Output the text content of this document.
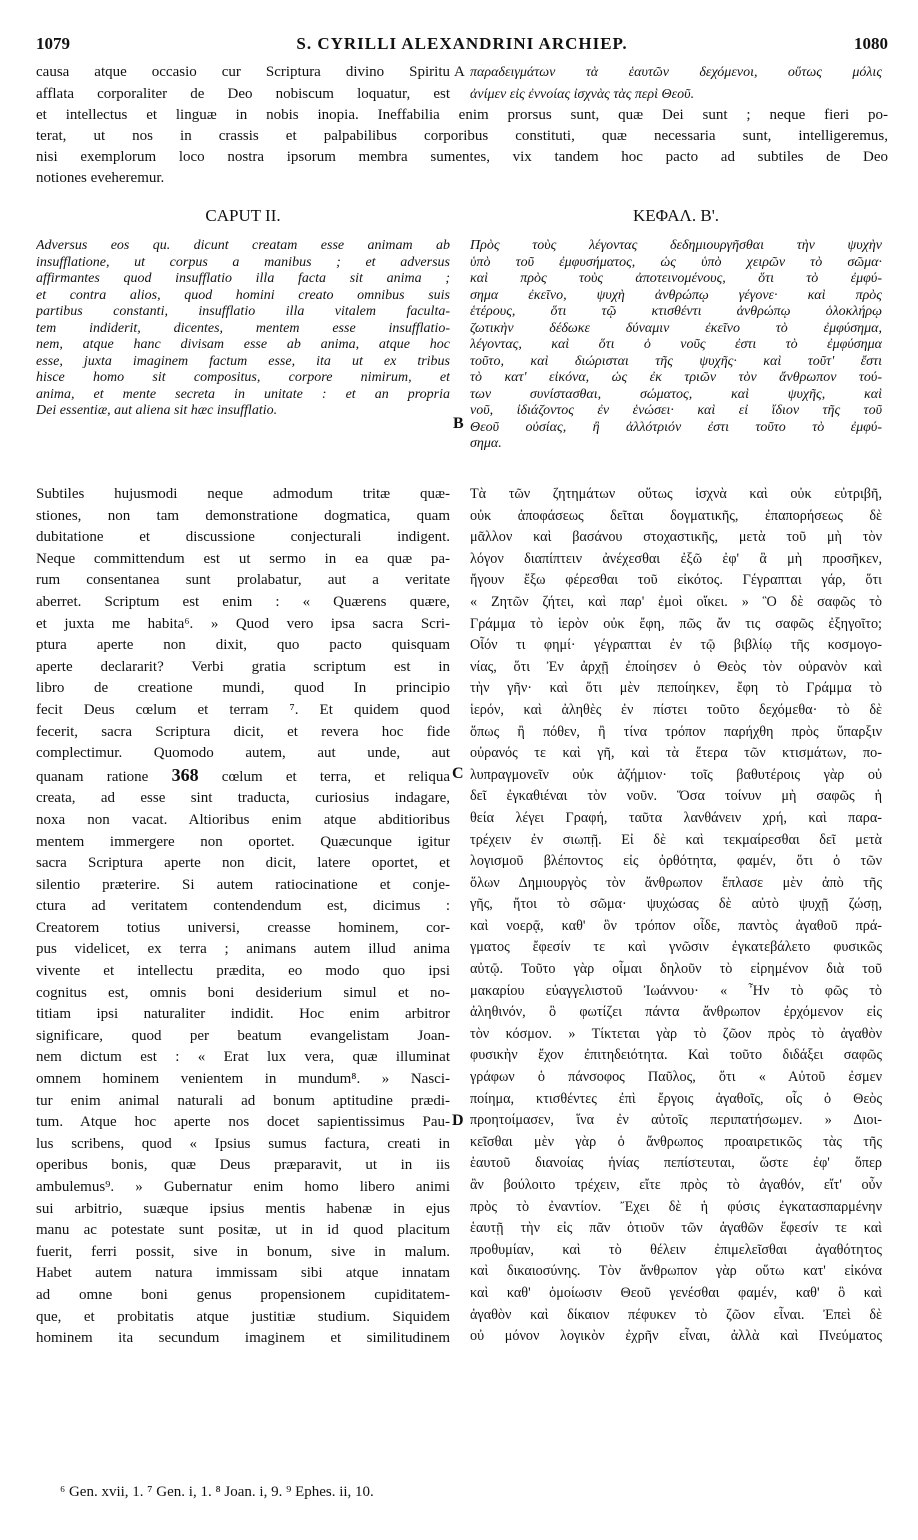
1079	S. CYRILLI ALEXANDRINI ARCHIEP.	1080
causa atque occasio cur Scriptura divino Spiritu
afflata corporaliter de Deo nobiscum loquatur, est
A παραδειγμάτων τὰ ἑαυτῶν δεχόμενοι, οὕτως μόλις
ἀνίμεν εἰς ἐννοίας ἰσχνὰς τὰς περὶ Θεοῦ.
et intellectus et linguæ in nobis inopia. Ineffabilia enim prorsus sunt, quæ Dei sunt ; neque fieri po-
terat, ut nos in crassis et palpabilibus corporibus constituti, quæ necessaria sunt, intelligeremus,
nisi exemplorum loco nostra ipsorum membra sumentes, vix tandem hoc pacto ad subtiles de Deo
notiones eveheremur.
CAPUT II.	ΚΕΦΑΛ. Β'.
Adversus eos qu. dicunt creatam esse animam ab
insufflatione, ut corpus a manibus ; et adversus
affirmantes quod insufflatio illa facta sit anima ;
et contra alios, quod homini creato omnibus suis
partibus constanti, insufflatio illa vitalem faculta-
tem indiderit, dicentes, mentem esse insufflatio-
nem, atque hanc divisam esse ab anima, atque hoc
esse, juxta imaginem factum esse, ita ut ex tribus
hisce homo sit compositus, corpore nimirum, et
anima, et mente secreta in unitate : et an propria
Dei essentiæ, aut aliena sit hæc insufflatio.
B
Πρὸς τοὺς λέγοντας δεδημιουργῆσθαι τὴν ψυχὴν
ὑπὸ τοῦ ἐμφυσήματος, ὡς ὑπὸ χειρῶν τὸ σῶμα·
καὶ πρὸς τοὺς ἀποτεινομένους, ὅτι τὸ ἐμφύ-
σημα ἐκεῖνο, ψυχὴ ἀνθρώπῳ γέγονε· καὶ πρὸς
ἑτέρους, ὅτι τῷ κτισθέντι ἀνθρώπῳ ὁλοκλήρῳ
ζωτικὴν δέδωκε δύναμιν ἐκεῖνο τὸ ἐμφύσημα,
λέγοντας, καὶ ὅτι ὁ νοῦς ἐστι τὸ ἐμφύσημα
τοῦτο, καὶ διώρισται τῆς ψυχῆς· καὶ τοῦτ' ἔστι
τὸ κατ' εἰκόνα, ὡς ἐκ τριῶν τὸν ἄνθρωπον τού-
των συνίστασθαι, σώματος, καὶ ψυχῆς, καὶ
νοῦ, ἰδιάζοντος ἐν ἑνώσει· καὶ εἰ ἴδιον τῆς τοῦ
Θεοῦ οὐσίας, ἢ ἀλλότριόν ἐστι τοῦτο τὸ ἐμφύ-
σημα.
Subtiles hujusmodi neque admodum tritæ quæ-
stiones, non tam demonstratione dogmatica, quam
dubitatione et discussione conjecturali indigent.
Neque committendum est ut sermo in ea quæ pa-
rum consentanea sunt prolabatur, aut a veritate
aberret. Scriptum est enim : « Quærens quære,
et juxta me habita⁶. » Quod vero ipsa sacra Scri-
ptura aperte non dixit, quo pacto quisquam
aperte declararit? Verbi gratia scriptum est in
libro de creatione mundi, quod In principio
fecit Deus cœlum et terram ⁷. Et quidem quod
fecerit, sacra Scriptura dicit, et revera hoc fide
complectimur. Quomodo autem, aut unde, aut
quanam ratione 368 cœlum et terra, et reliqua
creata, ad esse sint traducta, curiosius indagare,
noxa non vacat. Altioribus enim atque abditioribus
mentem immergere non oportet. Quæcunque igitur
sacra Scriptura aperte non dicit, latere oportet, et
silentio præterire. Si autem ratiocinatione et conje-
ctura ad veritatem contendendum est, dicimus :
Creatorem totius universi, creasse hominem, cor-
pus videlicet, ex terra ; animans autem illud anima
vivente et intellectu prædita, eo modo quo ipsi
cognitus est, omnis boni desiderium simul et no-
titiam ipsi naturaliter indidit. Hoc enim arbitror
significare, quod per beatum evangelistam Joan-
nem dictum est : « Erat lux vera, quæ illuminat
omnem hominem venientem in mundum⁸. » Nasci-
tur enim animal naturali ad bonum aptitudine prædi-
tum. Atque hoc aperte nos docet sapientissimus Pau-
lus scribens, quod « Ipsius sumus factura, creati in
operibus bonis, quæ Deus præparavit, ut in iis
ambulemus⁹. » Gubernatur enim homo libero animi
sui arbitrio, suæque ipsius mentis habenæ in ejus
manu ac potestate sunt positæ, ut in id quod placitum
fuerit, ferri possit, sive in bonum, sive in malum.
Habet autem natura immissam sibi atque innatam
ad omne boni genus propensionem cupiditatem-
que, et probitatis atque justitiæ studium. Siquidem
hominem ita secundum imaginem et similitudinem
C
D
Τὰ τῶν ζητημάτων οὕτως ἰσχνὰ καὶ οὐκ εὐτριβῆ,
οὐκ ἀποφάσεως δεῖται δογματικῆς, ἐπαπορήσεως δὲ
μᾶλλον καὶ βασάνου στοχαστικῆς, μετὰ τοῦ μὴ τὸν
λόγον διαπίπτειν ἀνέχεσθαι ἐξῶ ἐφ' ἃ μὴ προσῆκεν,
ἤγουν ἔξω φέρεσθαι τοῦ εἰκότος. Γέγραπται γάρ, ὅτι
« Ζητῶν ζήτει, καὶ παρ' ἐμοὶ οἴκει. » Ὃ δὲ σαφῶς τὸ
Γράμμα τὸ ἱερὸν οὐκ ἔφη, πῶς ἄν τις σαφῶς ἐξηγοῖτο;
Οἷόν τι φημί· γέγραπται ἐν τῷ βιβλίῳ τῆς κοσμογο-
νίας, ὅτι Ἐν ἀρχῇ ἐποίησεν ὁ Θεὸς τὸν οὐρανὸν καὶ
τὴν γῆν· καὶ ὅτι μὲν πεποίηκεν, ἔφη τὸ Γράμμα τὸ
ἱερόν, καὶ ἀληθὲς ἐν πίστει τοῦτο δεχόμεθα· τὸ δὲ
ὅπως ἢ πόθεν, ἢ τίνα τρόπον παρήχθη πρὸς ὕπαρξιν
οὐρανός τε καὶ γῆ, καὶ τὰ ἕτερα τῶν κτισμάτων, πο-
λυπραγμονεῖν οὐκ ἀζήμιον· τοῖς βαθυτέροις γὰρ οὐ
δεῖ ἐγκαθιέναι τὸν νοῦν. Ὅσα τοίνυν μὴ σαφῶς ἡ
θεία λέγει Γραφή, ταῦτα λανθάνειν χρή, καὶ παρα-
τρέχειν ἐν σιωπῇ. Εἰ δὲ καὶ τεκμαίρεσθαι δεῖ μετὰ
λογισμοῦ βλέποντος εἰς ὀρθότητα, φαμέν, ὅτι ὁ τῶν
ὅλων Δημιουργὸς τὸν ἄνθρωπον ἔπλασε μὲν ἀπὸ τῆς
γῆς, ἤτοι τὸ σῶμα· ψυχώσας δὲ αὐτὸ ψυχῇ ζώσῃ,
καὶ νοερᾷ, καθ' ὃν τρόπον οἶδε, παντὸς ἀγαθοῦ πρά-
γματος ἔφεσίν τε καὶ γνῶσιν ἐγκατεβάλετο φυσικῶς
αὐτῷ. Τοῦτο γὰρ οἶμαι δηλοῦν τὸ εἰρημένον διὰ τοῦ
μακαρίου εὐαγγελιστοῦ Ἰωάννου· « Ἦν τὸ φῶς τὸ
ἀληθινόν, ὃ φωτίζει πάντα ἄνθρωπον ἐρχόμενον εἰς
τὸν κόσμον. » Τίκτεται γὰρ τὸ ζῶον πρὸς τὸ ἀγαθὸν
φυσικὴν ἔχον ἐπιτηδειότητα. Καὶ τοῦτο διδάξει σαφῶς
γράφων ὁ πάνσοφος Παῦλος, ὅτι « Αὐτοῦ ἐσμεν
ποίημα, κτισθέντες ἐπὶ ἔργοις ἀγαθοῖς, οἷς ὁ Θεὸς
προητοίμασεν, ἵνα ἐν αὐτοῖς περιπατήσωμεν. » Διοι-
κεῖσθαι μὲν γὰρ ὁ ἄνθρωπος προαιρετικῶς τὰς τῆς
ἑαυτοῦ διανοίας ἡνίας πεπίστευται, ὥστε ἐφ' ὅπερ
ἂν βούλοιτο τρέχειν, εἴτε πρὸς τὸ ἀγαθόν, εἴτ' οὖν
πρὸς τὸ ἐναντίον. Ἔχει δὲ ἡ φύσις ἐγκατασπαρμένην
ἑαυτῇ τὴν εἰς πᾶν ὁτιοῦν τῶν ἀγαθῶν ἔφεσίν τε καὶ
προθυμίαν, καὶ τὸ θέλειν ἐπιμελεῖσθαι ἀγαθότητος
καὶ δικαιοσύνης. Τὸν ἄνθρωπον γὰρ οὕτω κατ' εἰκόνα
καὶ καθ' ὁμοίωσιν Θεοῦ γενέσθαι φαμέν, καθ' ὃ καὶ
ἀγαθὸν καὶ δίκαιον πέφυκεν τὸ ζῶον εἶναι. Ἐπεὶ δὲ
οὐ μόνον λογικὸν ἐχρῆν εἶναι, ἀλλὰ καὶ Πνεύματος
⁶ Gen. xvii, 1. ⁷ Gen. i, 1. ⁸ Joan. i, 9. ⁹ Ephes. ii, 10.
